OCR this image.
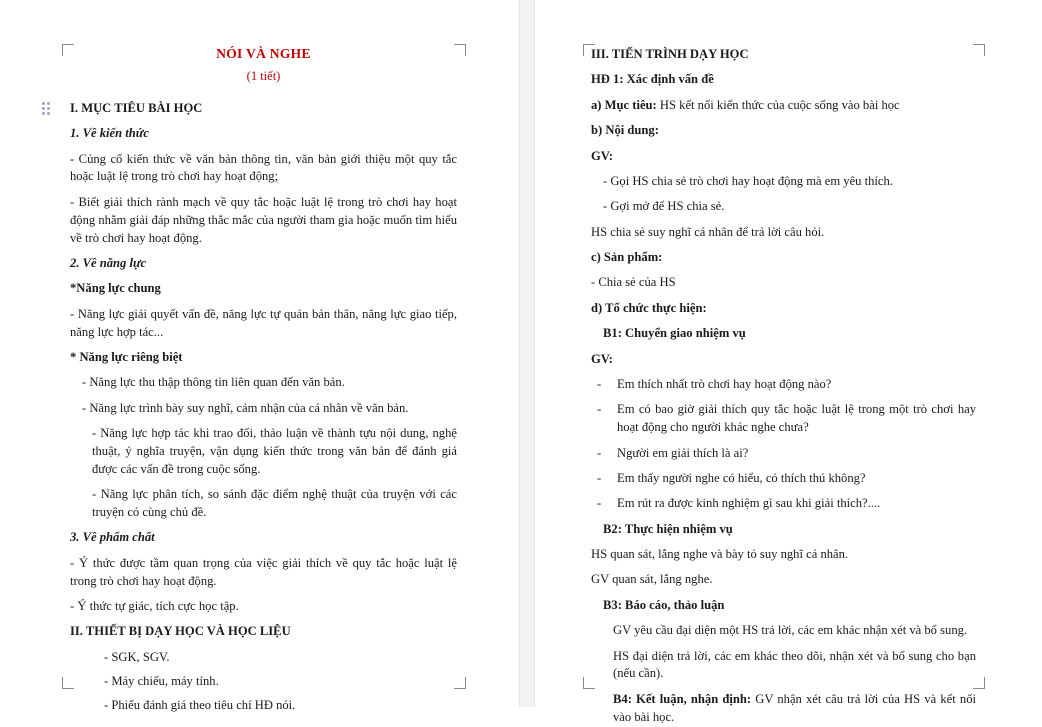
NÓI VÀ NGHE

(1 tiết)

I. MỤC TIÊU BÀI HỌC

1. Về kiến thức

- Củng cố kiến thức về văn bản thông tin, văn bản giới thiệu một quy tắc hoặc luật lệ trong trò chơi hay hoạt động;

- Biết giải thích rành mạch về quy tắc hoặc luật lệ trong trò chơi hay hoạt động nhằm giải đáp những thắc mắc của người tham gia hoặc muốn tìm hiểu về trò chơi hay hoạt động.

2. Về năng lực

*Năng lực chung

- Năng lực giải quyết vấn đề, năng lực tự quản bản thân, năng lực giao tiếp, năng lực hợp tác...

* Năng lực riêng biệt

- Năng lực thu thập thông tin liên quan đến văn bản.

- Năng lực trình bày suy nghĩ, cảm nhận của cá nhân về văn bản.

- Năng lực hợp tác khi trao đổi, thảo luận về thành tựu nội dung, nghệ thuật, ý nghĩa truyện, vận dụng kiến thức trong văn bản để đánh giá được các vấn đề trong cuộc sống.

- Năng lực phân tích, so sánh đặc điểm nghệ thuật của truyện với các truyện có cùng chủ đề.

3. Về phẩm chất

- Ý thức được tầm quan trọng của việc giải thích về quy tắc hoặc luật lệ trong trò chơi hay hoạt động.

- Ý thức tự giác, tích cực học tập.

II. THIẾT BỊ DẠY HỌC VÀ HỌC LIỆU

- SGK, SGV.

- Máy chiếu, máy tính.

- Phiếu đánh giá theo tiêu chí HĐ nói.

III. TIẾN TRÌNH DẠY HỌC

HĐ 1: Xác định vấn đề

a) Mục tiêu: HS kết nối kiến thức của cuộc sống vào bài học

b) Nội dung:

GV:

- Gọi HS chia sẻ trò chơi hay hoạt động mà em yêu thích.

- Gợi mở để HS chia sẻ.

HS chia sẻ suy nghĩ cá nhân để trả lời câu hỏi.

c) Sản phẩm:

- Chia sẻ của HS

d) Tổ chức thực hiện:

B1: Chuyển giao nhiệm vụ

GV:

- Em thích nhất trò chơi hay hoạt động nào?

- Em có bao giờ giải thích quy tắc hoặc luật lệ trong một trò chơi hay hoạt động cho người khác nghe chưa?

- Người em giải thích là ai?

- Em thấy người nghe có hiểu, có thích thú không?

- Em rút ra được kinh nghiệm gì sau khi giải thích?....

B2: Thực hiện nhiệm vụ

HS quan sát, lắng nghe và bày tỏ suy nghĩ cá nhân.

GV quan sát, lắng nghe.

B3: Báo cáo, thảo luận

GV yêu cầu đại diện một HS trả lời, các em khác nhận xét và bổ sung.

HS đại diện trả lời, các em khác theo dõi, nhận xét và bổ sung cho bạn (nếu cần).

B4: Kết luận, nhận định: GV nhận xét câu trả lời của HS và kết nối vào bài học.
